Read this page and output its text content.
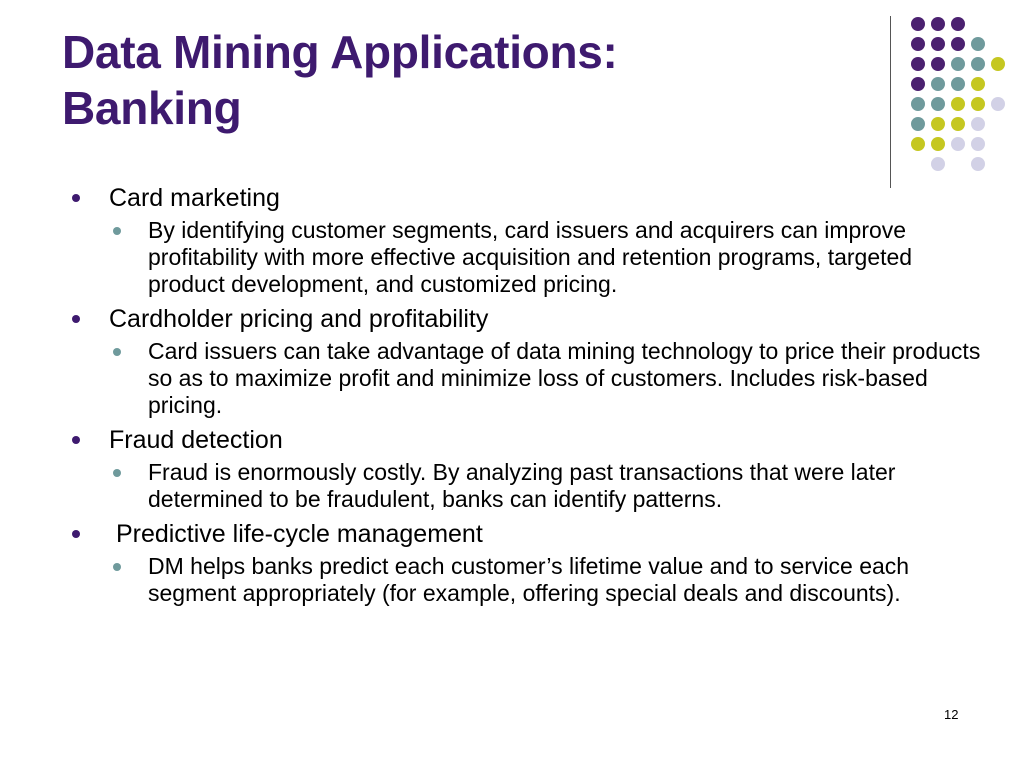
Data Mining Applications:
Banking
Card marketing
By identifying customer segments, card issuers and acquirers can improve profitability with more effective acquisition and retention programs, targeted product development, and customized pricing.
Cardholder pricing and profitability
Card issuers can take advantage of data mining technology to price their products so as to maximize profit and minimize loss of customers. Includes risk-based pricing.
Fraud detection
Fraud is enormously costly. By analyzing past transactions that were later determined to be fraudulent, banks can identify patterns.
Predictive life-cycle management
DM helps banks predict each customer’s lifetime value and to service each segment appropriately (for example, offering special deals and discounts).
12
